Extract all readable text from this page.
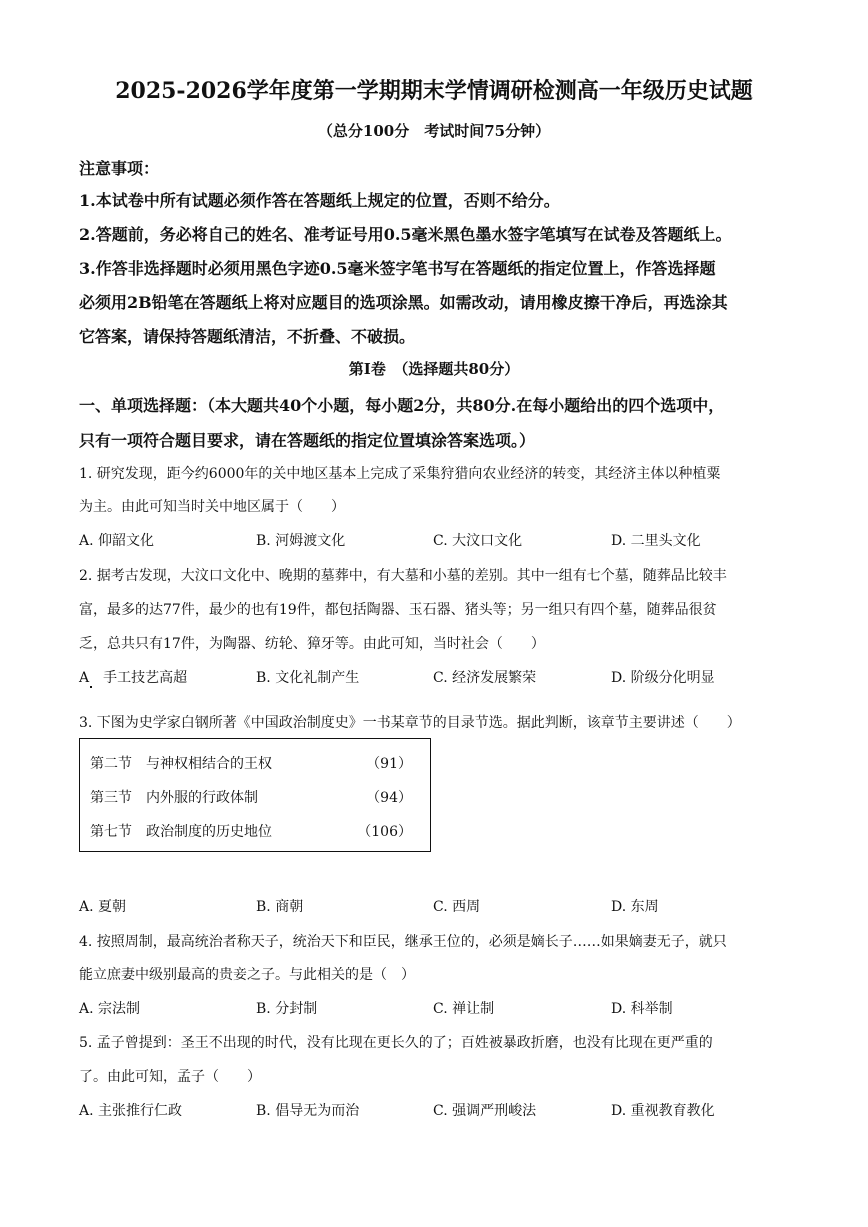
2025-2026学年度第一学期期末学情调研检测高一年级历史试题
（总分100分　考试时间75分钟）
注意事项：
1.本试卷中所有试题必须作答在答题纸上规定的位置，否则不给分。
2.答题前，务必将自己的姓名、准考证号用0.5毫米黑色墨水签字笔填写在试卷及答题纸上。
3.作答非选择题时必须用黑色字迹0.5毫米签字笔书写在答题纸的指定位置上，作答选择题
必须用2B铅笔在答题纸上将对应题目的选项涂黑。如需改动，请用橡皮擦干净后，再选涂其
它答案，请保持答题纸清洁，不折叠、不破损。
第Ⅰ卷　（选择题共80分）
一、单项选择题：（本大题共40个小题，每小题2分，共80分.在每小题给出的四个选项中，
只有一项符合题目要求，请在答题纸的指定位置填涂答案选项。）
1. 研究发现，距今约6000年的关中地区基本上完成了采集狩猎向农业经济的转变，其经济主体以种植粟
为主。由此可知当时关中地区属于（　　）
A. 仰韶文化	B. 河姆渡文化	C. 大汶口文化	D. 二里头文化
2. 据考古发现，大汶口文化中、晚期的墓葬中，有大墓和小墓的差别。其中一组有七个墓，随葬品比较丰
富，最多的达77件，最少的也有19件，都包括陶器、玉石器、猪头等；另一组只有四个墓，随葬品很贫
乏，总共只有17件，为陶器、纺轮、獐牙等。由此可知，当时社会（　　）
A　手工技艺高超	B. 文化礼制产生	C. 经济发展繁荣	D. 阶级分化明显
3. 下图为史学家白钢所著《中国政治制度史》一书某章节的目录节选。据此判断，该章节主要讲述（　　）
第二节　与神权相结合的王权	（91）
第三节　内外服的行政体制	（94）
第七节　政治制度的历史地位	（106）
A. 夏朝	B. 商朝	C. 西周	D. 东周
4. 按照周制，最高统治者称天子，统治天下和臣民，继承王位的，必须是嫡长子……如果嫡妻无子，就只
能立庶妻中级别最高的贵妾之子。与此相关的是（　）
A. 宗法制	B. 分封制	C. 禅让制	D. 科举制
5. 孟子曾提到：圣王不出现的时代，没有比现在更长久的了；百姓被暴政折磨，也没有比现在更严重的
了。由此可知，孟子（　　）
A. 主张推行仁政	B. 倡导无为而治	C. 强调严刑峻法	D. 重视教育教化
